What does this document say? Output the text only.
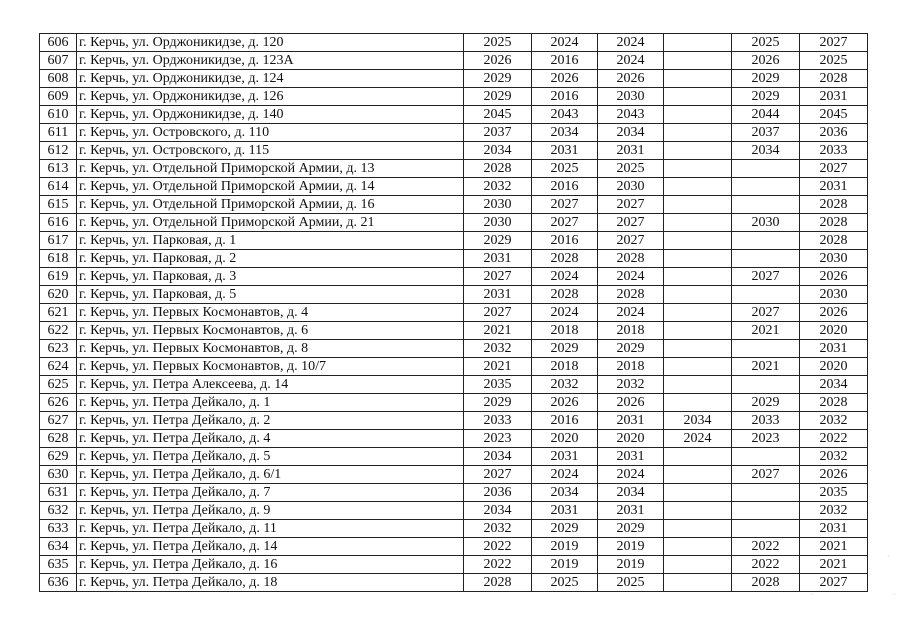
606	г. Керчь, ул. Орджоникидзе, д. 120	2025	2024	2024		2025	2027
607	г. Керчь, ул. Орджоникидзе, д. 123А	2026	2016	2024		2026	2025
608	г. Керчь, ул. Орджоникидзе, д. 124	2029	2026	2026		2029	2028
609	г. Керчь, ул. Орджоникидзе, д. 126	2029	2016	2030		2029	2031
610	г. Керчь, ул. Орджоникидзе, д. 140	2045	2043	2043		2044	2045
611	г. Керчь, ул. Островского, д. 110	2037	2034	2034		2037	2036
612	г. Керчь, ул. Островского, д. 115	2034	2031	2031		2034	2033
613	г. Керчь, ул. Отдельной Приморской Армии, д. 13	2028	2025	2025			2027
614	г. Керчь, ул. Отдельной Приморской Армии, д. 14	2032	2016	2030			2031
615	г. Керчь, ул. Отдельной Приморской Армии, д. 16	2030	2027	2027			2028
616	г. Керчь, ул. Отдельной Приморской Армии, д. 21	2030	2027	2027		2030	2028
617	г. Керчь, ул. Парковая, д. 1	2029	2016	2027			2028
618	г. Керчь, ул. Парковая, д. 2	2031	2028	2028			2030
619	г. Керчь, ул. Парковая, д. 3	2027	2024	2024		2027	2026
620	г. Керчь, ул. Парковая, д. 5	2031	2028	2028			2030
621	г. Керчь, ул. Первых Космонавтов, д. 4	2027	2024	2024		2027	2026
622	г. Керчь, ул. Первых Космонавтов, д. 6	2021	2018	2018		2021	2020
623	г. Керчь, ул. Первых Космонавтов, д. 8	2032	2029	2029			2031
624	г. Керчь, ул. Первых Космонавтов, д. 10/7	2021	2018	2018		2021	2020
625	г. Керчь, ул. Петра Алексеева, д. 14	2035	2032	2032			2034
626	г. Керчь, ул. Петра Дейкало, д. 1	2029	2026	2026		2029	2028
627	г. Керчь, ул. Петра Дейкало, д. 2	2033	2016	2031	2034	2033	2032
628	г. Керчь, ул. Петра Дейкало, д. 4	2023	2020	2020	2024	2023	2022
629	г. Керчь, ул. Петра Дейкало, д. 5	2034	2031	2031			2032
630	г. Керчь, ул. Петра Дейкало, д. 6/1	2027	2024	2024		2027	2026
631	г. Керчь, ул. Петра Дейкало, д. 7	2036	2034	2034			2035
632	г. Керчь, ул. Петра Дейкало, д. 9	2034	2031	2031			2032
633	г. Керчь, ул. Петра Дейкало, д. 11	2032	2029	2029			2031
634	г. Керчь, ул. Петра Дейкало, д. 14	2022	2019	2019		2022	2021
635	г. Керчь, ул. Петра Дейкало, д. 16	2022	2019	2019		2022	2021
636	г. Керчь, ул. Петра Дейкало, д. 18	2028	2025	2025		2028	2027
·
·
·
